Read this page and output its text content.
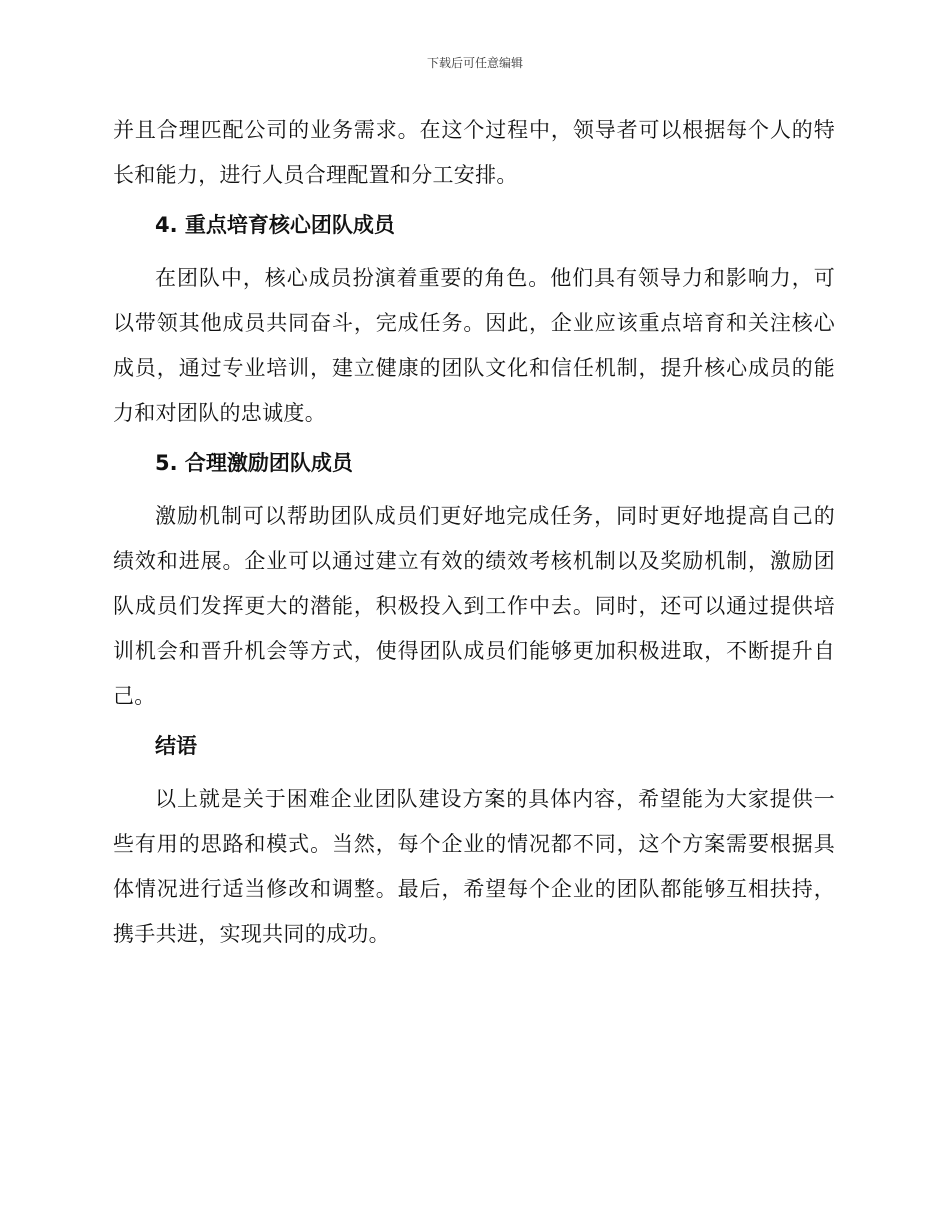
下载后可任意编辑

并且合理匹配公司的业务需求。在这个过程中，领导者可以根据每个人的特长和能力，进行人员合理配置和分工安排。

4. 重点培育核心团队成员

在团队中，核心成员扮演着重要的角色。他们具有领导力和影响力，可以带领其他成员共同奋斗，完成任务。因此，企业应该重点培育和关注核心成员，通过专业培训，建立健康的团队文化和信任机制，提升核心成员的能力和对团队的忠诚度。

5. 合理激励团队成员

激励机制可以帮助团队成员们更好地完成任务，同时更好地提高自己的绩效和进展。企业可以通过建立有效的绩效考核机制以及奖励机制，激励团队成员们发挥更大的潜能，积极投入到工作中去。同时，还可以通过提供培训机会和晋升机会等方式，使得团队成员们能够更加积极进取，不断提升自己。

结语

以上就是关于困难企业团队建设方案的具体内容，希望能为大家提供一些有用的思路和模式。当然，每个企业的情况都不同，这个方案需要根据具体情况进行适当修改和调整。最后，希望每个企业的团队都能够互相扶持，携手共进，实现共同的成功。
